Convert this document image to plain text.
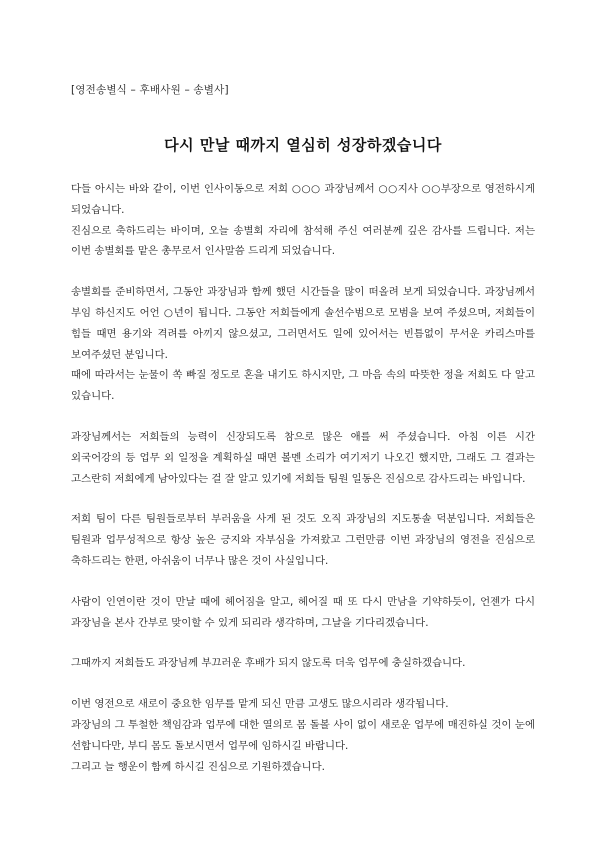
[영전송별식 – 후배사원 – 송별사]

다시 만날 때까지 열심히 성장하겠습니다

다들 아시는 바와 같이, 이번 인사이동으로 저희 ○○○ 과장님께서 ○○지사 ○○부장으로 영전하시게 되었습니다.

진심으로 축하드리는 바이며, 오늘 송별회 자리에 참석해 주신 여러분께 깊은 감사를 드립니다. 저는 이번 송별회를 맡은 총무로서 인사말씀 드리게 되었습니다.

송별회를 준비하면서, 그동안 과장님과 함께 했던 시간들을 많이 떠올려 보게 되었습니다. 과장님께서 부임 하신지도 어언 ○년이 됩니다. 그동안 저희들에게 솔선수범으로 모범을 보여 주셨으며, 저희들이 힘들 때면 용기와 격려를 아끼지 않으셨고, 그러면서도 일에 있어서는 빈틈없이 무서운 카리스마를 보여주셨던 분입니다.

때에 따라서는 눈물이 쏙 빠질 정도로 혼을 내기도 하시지만, 그 마음 속의 따뜻한 정을 저희도 다 알고 있습니다.

과장님께서는 저희들의 능력이 신장되도록 참으로 많은 애를 써 주셨습니다. 아침 이른 시간 외국어강의 등 업무 외 일정을 계획하실 때면 볼멘 소리가 여기저기 나오긴 했지만, 그래도 그 결과는 고스란히 저희에게 남아있다는 걸 잘 알고 있기에 저희들 팀원 일동은 진심으로 감사드리는 바입니다.

저희 팀이 다른 팀원들로부터 부러움을 사게 된 것도 오직 과장님의 지도통솔 덕분입니다. 저희들은 팀원과 업무성적으로 항상 높은 긍지와 자부심을 가져왔고 그런만큼 이번 과장님의 영전을 진심으로 축하드리는 한편, 아쉬움이 너무나 많은 것이 사실입니다.

사람이 인연이란 것이 만날 때에 헤어짐을 알고, 헤어질 때 또 다시 만남을 기약하듯이, 언젠가 다시 과장님을 본사 간부로 맞이할 수 있게 되리라 생각하며, 그날을 기다리겠습니다.

그때까지 저희들도 과장님께 부끄러운 후배가 되지 않도록 더욱 업무에 충실하겠습니다.

이번 영전으로 새로이 중요한 임무를 맡게 되신 만큼 고생도 많으시리라 생각됩니다.

과장님의 그 투철한 책임감과 업무에 대한 열의로 몸 돌볼 사이 없이 새로운 업무에 매진하실 것이 눈에 선합니다만, 부디 몸도 돌보시면서 업무에 임하시길 바랍니다.

그리고 늘 행운이 함께 하시길 진심으로 기원하겠습니다.
